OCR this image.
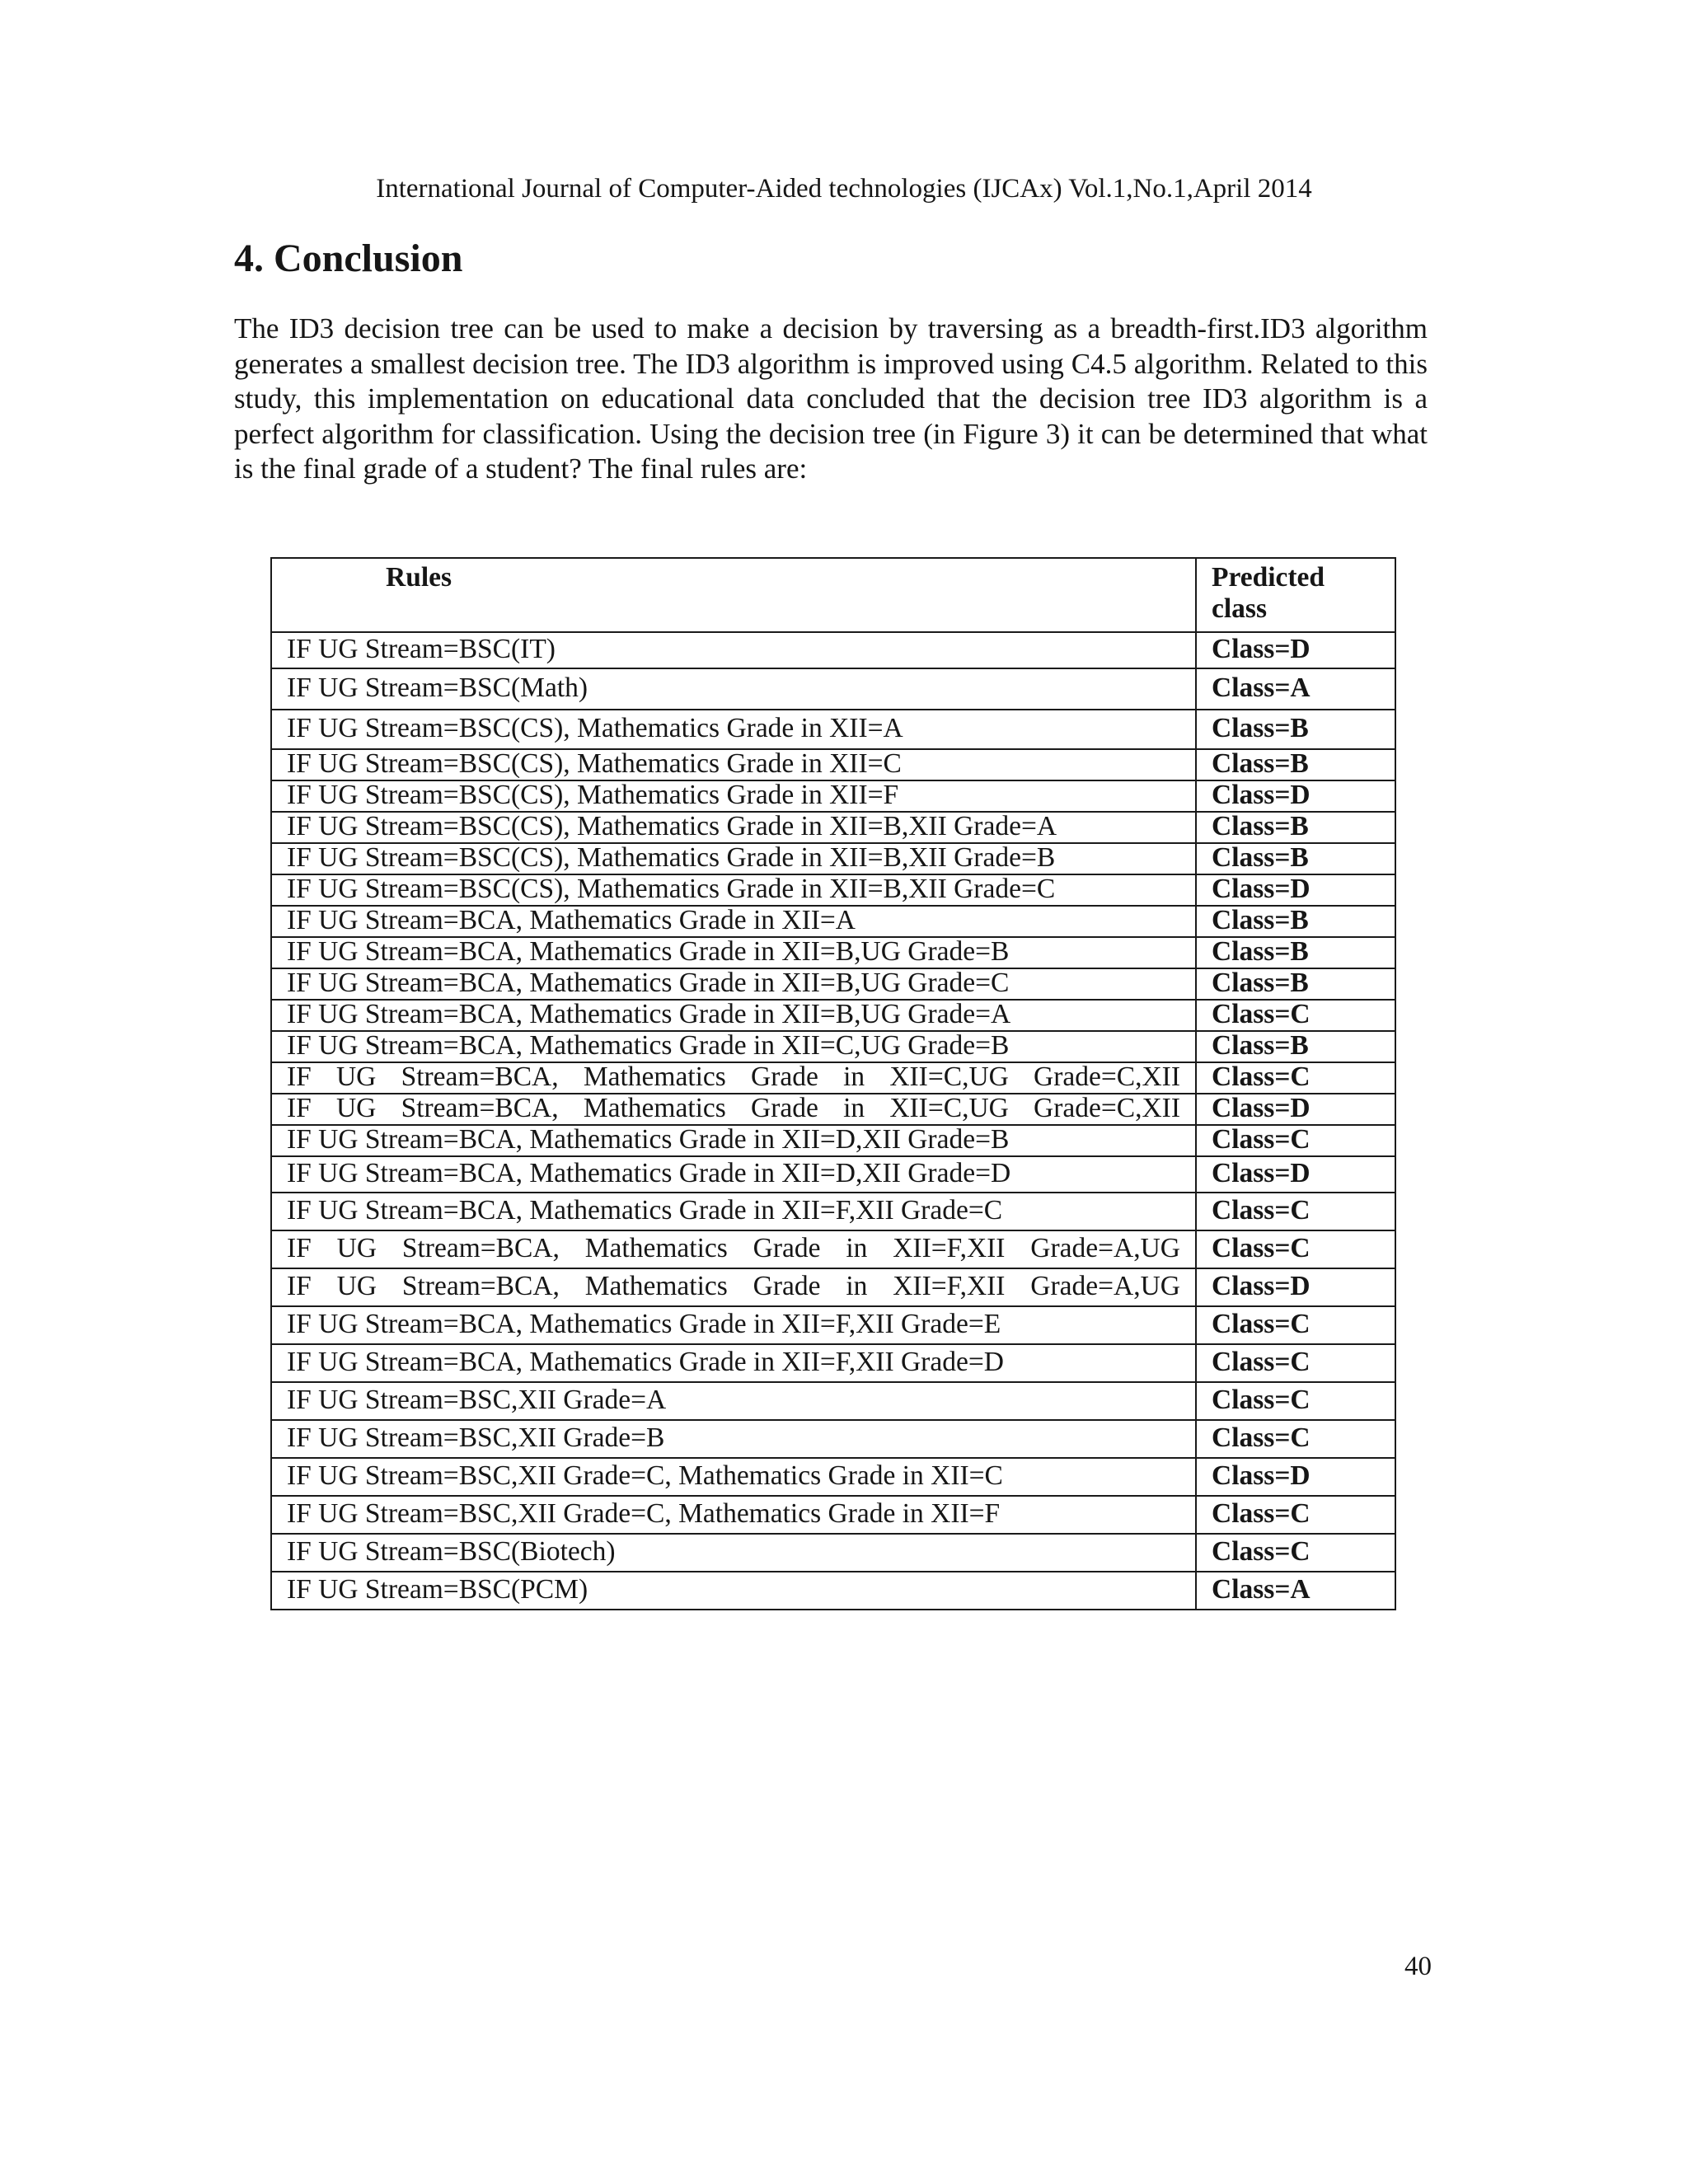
International Journal of Computer-Aided technologies (IJCAx) Vol.1,No.1,April 2014
4. Conclusion

The ID3 decision tree can be used to make a decision by traversing as a breadth-first.ID3 algorithm generates a smallest decision tree. The ID3 algorithm is improved using C4.5 algorithm. Related to this study, this implementation on educational data concluded that the decision tree ID3 algorithm is a perfect algorithm for classification. Using the decision tree (in Figure 3) it can be determined that what is the final grade of a student? The final rules are:

Rules	Predicted class
IF UG Stream=BSC(IT)	Class=D
IF UG Stream=BSC(Math)	Class=A
IF UG Stream=BSC(CS), Mathematics Grade in XII=A	Class=B
IF UG Stream=BSC(CS), Mathematics Grade in XII=C	Class=B
IF UG Stream=BSC(CS), Mathematics Grade in XII=F	Class=D
IF UG Stream=BSC(CS), Mathematics Grade in XII=B,XII Grade=A	Class=B
IF UG Stream=BSC(CS), Mathematics Grade in XII=B,XII Grade=B	Class=B
IF UG Stream=BSC(CS), Mathematics Grade in XII=B,XII Grade=C	Class=D
IF UG Stream=BCA, Mathematics Grade in XII=A	Class=B
IF UG Stream=BCA, Mathematics Grade in XII=B,UG Grade=B	Class=B
IF UG Stream=BCA, Mathematics Grade in XII=B,UG Grade=C	Class=B
IF UG Stream=BCA, Mathematics Grade in XII=B,UG Grade=A	Class=C
IF UG Stream=BCA, Mathematics Grade in XII=C,UG Grade=B	Class=B
IF UG Stream=BCA, Mathematics Grade in XII=C,UG Grade=C,XII	Class=C
IF UG Stream=BCA, Mathematics Grade in XII=C,UG Grade=C,XII	Class=D
IF UG Stream=BCA, Mathematics Grade in XII=D,XII Grade=B	Class=C
IF UG Stream=BCA, Mathematics Grade in XII=D,XII Grade=D	Class=D
IF UG Stream=BCA, Mathematics Grade in XII=F,XII Grade=C	Class=C
IF UG Stream=BCA, Mathematics Grade in XII=F,XII Grade=A,UG	Class=C
IF UG Stream=BCA, Mathematics Grade in XII=F,XII Grade=A,UG	Class=D
IF UG Stream=BCA, Mathematics Grade in XII=F,XII Grade=E	Class=C
IF UG Stream=BCA, Mathematics Grade in XII=F,XII Grade=D	Class=C
IF UG Stream=BSC,XII Grade=A	Class=C
IF UG Stream=BSC,XII Grade=B	Class=C
IF UG Stream=BSC,XII Grade=C, Mathematics Grade in XII=C	Class=D
IF UG Stream=BSC,XII Grade=C, Mathematics Grade in XII=F	Class=C
IF UG Stream=BSC(Biotech)	Class=C
IF UG Stream=BSC(PCM)	Class=A
40
